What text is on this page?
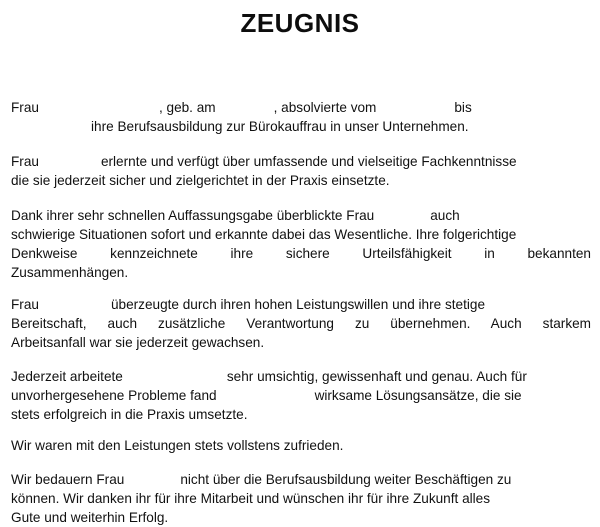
ZEUGNIS
Frau	, geb. am	, absolvierte vom	bis
ihre Berufsausbildung zur Bürokauffrau in unser Unternehmen.
Frau	erlernte und verfügt über umfassende und vielseitige Fachkenntnisse
die sie jederzeit sicher und zielgerichtet in der Praxis einsetzte.
Dank ihrer sehr schnellen Auffassungsgabe überblickte Frau	auch
schwierige Situationen sofort und erkannte dabei das Wesentliche. Ihre folgerichtige
Denkweise kennzeichnete ihre sichere Urteilsfähigkeit in bekannten
Zusammenhängen.
Frau	überzeugte durch ihren hohen Leistungswillen und ihre stetige
Bereitschaft, auch zusätzliche Verantwortung zu übernehmen. Auch starkem
Arbeitsanfall war sie jederzeit gewachsen.
Jederzeit arbeitete	sehr umsichtig, gewissenhaft und genau. Auch für
unvorhergesehene Probleme fand	wirksame Lösungsansätze, die sie
stets erfolgreich in die Praxis umsetzte.
Wir waren mit den Leistungen stets vollstens zufrieden.
Wir bedauern Frau	nicht über die Berufsausbildung weiter Beschäftigen zu
können. Wir danken ihr für ihre Mitarbeit und wünschen ihr für ihre Zukunft alles
Gute und weiterhin Erfolg.
